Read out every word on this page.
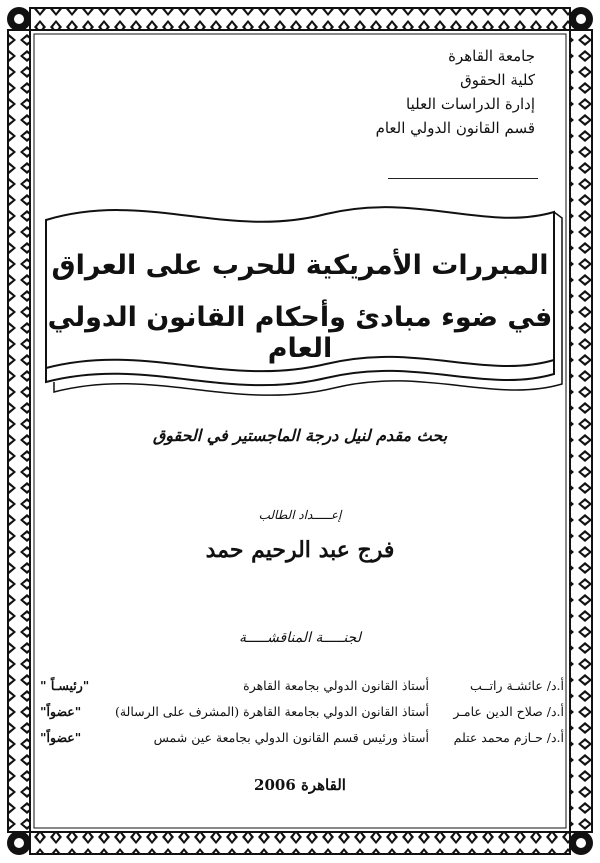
جامعة القاهرة
كلية الحقوق
إدارة الدراسات العليا
قسم القانون الدولي العام
المبررات الأمريكية للحرب على العراق
في ضوء مبادئ وأحكام القانون الدولي العام
بحث مقدم لنيل درجة الماجستير في الحقوق
إعـــــداد الطالب
فرج عبد الرحيم حمد
لجنـــــة المناقشـــــة
أ.د/ عائشـة راتــب
أستاذ القانون الدولي بجامعة القاهرة
"رئيسـاً "
أ.د/ صلاح الدين عامـر
أستاذ القانون الدولي بجامعة القاهرة (المشرف على الرسالة)
"عضواً"
أ.د/ حـازم محمد عتلم
أستاذ ورئيس قسم القانون الدولي بجامعة عين شمس
"عضواً"
القاهرة 2006
